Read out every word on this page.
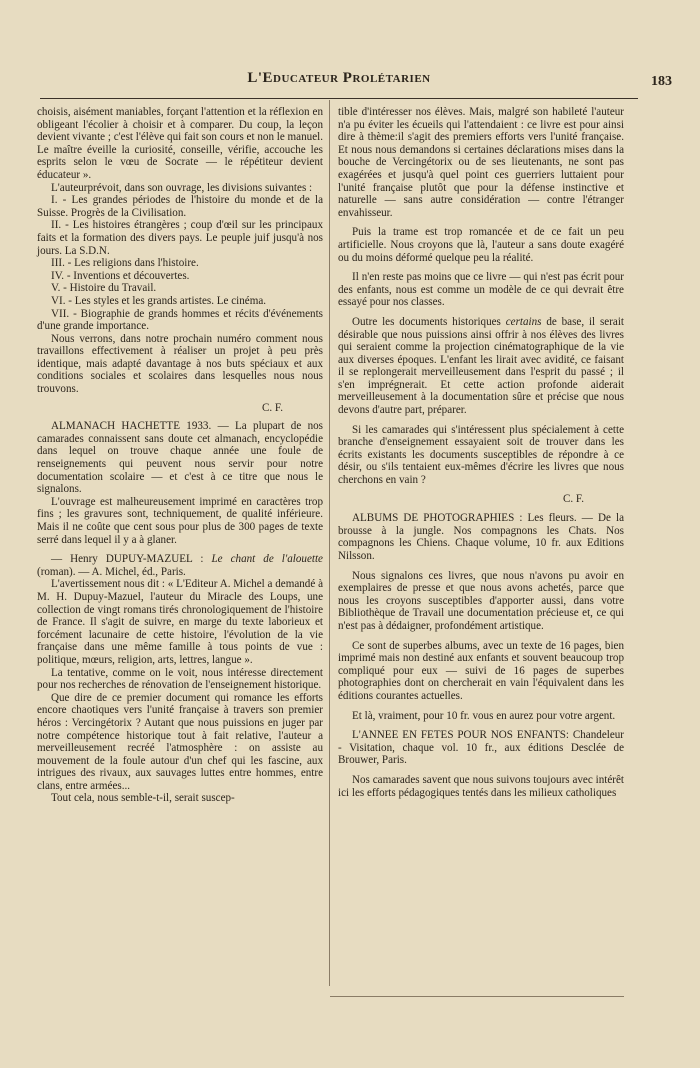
L'Educateur Prolétarien	183

choisis, aisément maniables, forçant l'attention et la réflexion en obligeant l'écolier à choisir et à comparer. Du coup, la leçon devient vivante ; c'est l'élève qui fait son cours et non le manuel. Le maître éveille la curiosité, conseille, vérifie, accouche les esprits selon le vœu de Socrate — le répétiteur devient éducateur ».

L'auteurprévoit, dans son ouvrage, les divisions suivantes :

I. - Les grandes périodes de l'histoire du monde et de la Suisse. Progrès de la Civilisation.

II. - Les histoires étrangères ; coup d'œil sur les principaux faits et la formation des divers pays. Le peuple juif jusqu'à nos jours. La S.D.N.

III. - Les religions dans l'histoire.

IV. - Inventions et découvertes.

V. - Histoire du Travail.

VI. - Les styles et les grands artistes. Le cinéma.

VII. - Biographie de grands hommes et récits d'événements d'une grande importance.

Nous verrons, dans notre prochain numéro comment nous travaillons effectivement à réaliser un projet à peu près identique, mais adapté davantage à nos buts spéciaux et aux conditions sociales et scolaires dans lesquelles nous nous trouvons.

C. F.

ALMANACH HACHETTE 1933. — La plupart de nos camarades connaissent sans doute cet almanach, encyclopédie dans lequel on trouve chaque année une foule de renseignements qui peuvent nous servir pour notre documentation scolaire — et c'est à ce titre que nous le signalons.

L'ouvrage est malheureusement imprimé en caractères trop fins ; les gravures sont, techniquement, de qualité inférieure. Mais il ne coûte que cent sous pour plus de 300 pages de texte serré dans lequel il y a à glaner.

— Henry DUPUY-MAZUEL : Le chant de l'alouette (roman). — A. Michel, éd., Paris.

L'avertissement nous dit : « L'Editeur A. Michel a demandé à M. H. Dupuy-Mazuel, l'auteur du Miracle des Loups, une collection de vingt romans tirés chronologiquement de l'histoire de France. Il s'agit de suivre, en marge du texte laborieux et forcément lacunaire de cette histoire, l'évolution de la vie française dans une même famille à tous points de vue : politique, mœurs, religion, arts, lettres, langue ».

La tentative, comme on le voit, nous intéresse directement pour nos recherches de rénovation de l'enseignement historique.

Que dire de ce premier document qui romance les efforts encore chaotiques vers l'unité française à travers son premier héros : Vercingétorix ? Autant que nous puissions en juger par notre compétence historique tout à fait relative, l'auteur a merveilleusement recréé l'atmosphère : on assiste au mouvement de la foule autour d'un chef qui les fascine, aux intrigues des rivaux, aux sauvages luttes entre hommes, entre clans, entre armées...

Tout cela, nous semble-t-il, serait suscep-

tible d'intéresser nos élèves. Mais, malgré son habileté l'auteur n'a pu éviter les écueils qui l'attendaient : ce livre est pour ainsi dire à thème:il s'agit des premiers efforts vers l'unité française. Et nous nous demandons si certaines déclarations mises dans la bouche de Vercingétorix ou de ses lieutenants, ne sont pas exagérées et jusqu'à quel point ces guerriers luttaient pour l'unité française plutôt que pour la défense instinctive et naturelle — sans autre considération — contre l'étranger envahisseur.

Puis la trame est trop romancée et de ce fait un peu artificielle. Nous croyons que là, l'auteur a sans doute exagéré ou du moins déformé quelque peu la réalité.

Il n'en reste pas moins que ce livre — qui n'est pas écrit pour des enfants, nous est comme un modèle de ce qui devrait être essayé pour nos classes.

Outre les documents historiques certains de base, il serait désirable que nous puissions ainsi offrir à nos élèves des livres qui seraient comme la projection cinématographique de la vie aux diverses époques. L'enfant les lirait avec avidité, ce faisant il se replongerait merveilleusement dans l'esprit du passé ; il s'en imprégnerait. Et cette action profonde aiderait merveilleusement à la documentation sûre et précise que nous devons d'autre part, préparer.

Si les camarades qui s'intéressent plus spécialement à cette branche d'enseignement essayaient soit de trouver dans les écrits existants les documents susceptibles de répondre à ce désir, ou s'ils tentaient eux-mêmes d'écrire les livres que nous cherchons en vain ?

C. F.

ALBUMS DE PHOTOGRAPHIES : Les fleurs. — De la brousse à la jungle. Nos compagnons les Chats. Nos compagnons les Chiens. Chaque volume, 10 fr. aux Editions Nilsson.

Nous signalons ces livres, que nous n'avons pu avoir en exemplaires de presse et que nous avons achetés, parce que nous les croyons susceptibles d'apporter aussi, dans votre Bibliothèque de Travail une documentation précieuse et, ce qui n'est pas à dédaigner, profondément artistique.

Ce sont de superbes albums, avec un texte de 16 pages, bien imprimé mais non destiné aux enfants et souvent beaucoup trop compliqué pour eux — suivi de 16 pages de superbes photographies dont on chercherait en vain l'équivalent dans les éditions courantes actuelles.

Et là, vraiment, pour 10 fr. vous en aurez pour votre argent.

L'ANNEE EN FETES POUR NOS ENFANTS: Chandeleur - Visitation, chaque vol. 10 fr., aux éditions Desclée de Brouwer, Paris.

Nos camarades savent que nous suivons toujours avec intérêt ici les efforts pédagogiques tentés dans les milieux catholiques
